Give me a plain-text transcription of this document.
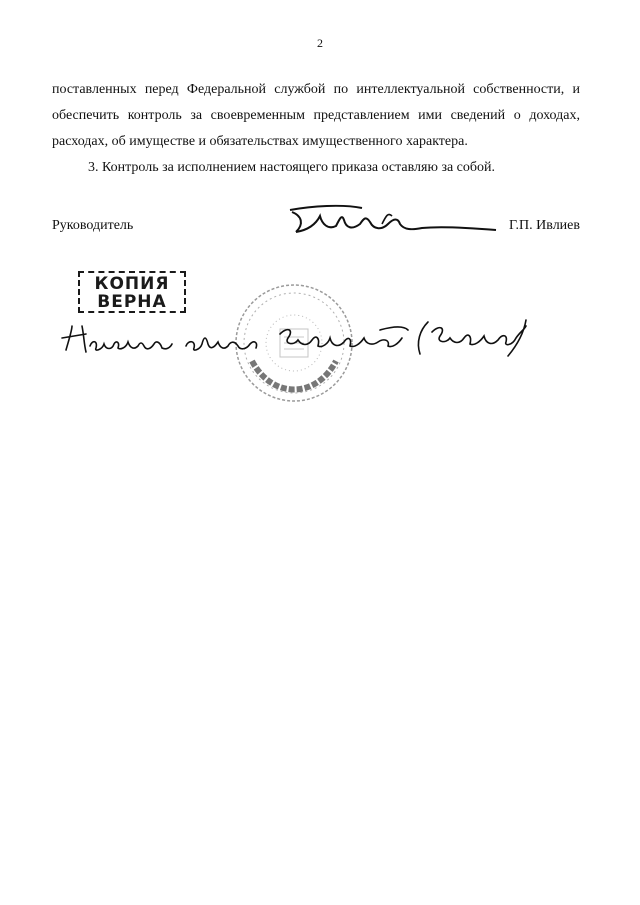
2

поставленных перед Федеральной службой по интеллектуальной собственности, и

обеспечить контроль за своевременным представлением ими сведений о доходах,

расходах, об имуществе и обязательствах имущественного характера.

3. Контроль за исполнением настоящего приказа оставляю за собой.

Руководитель	Г.П. Ивлиев
КОПИЯ
ВЕРНА
